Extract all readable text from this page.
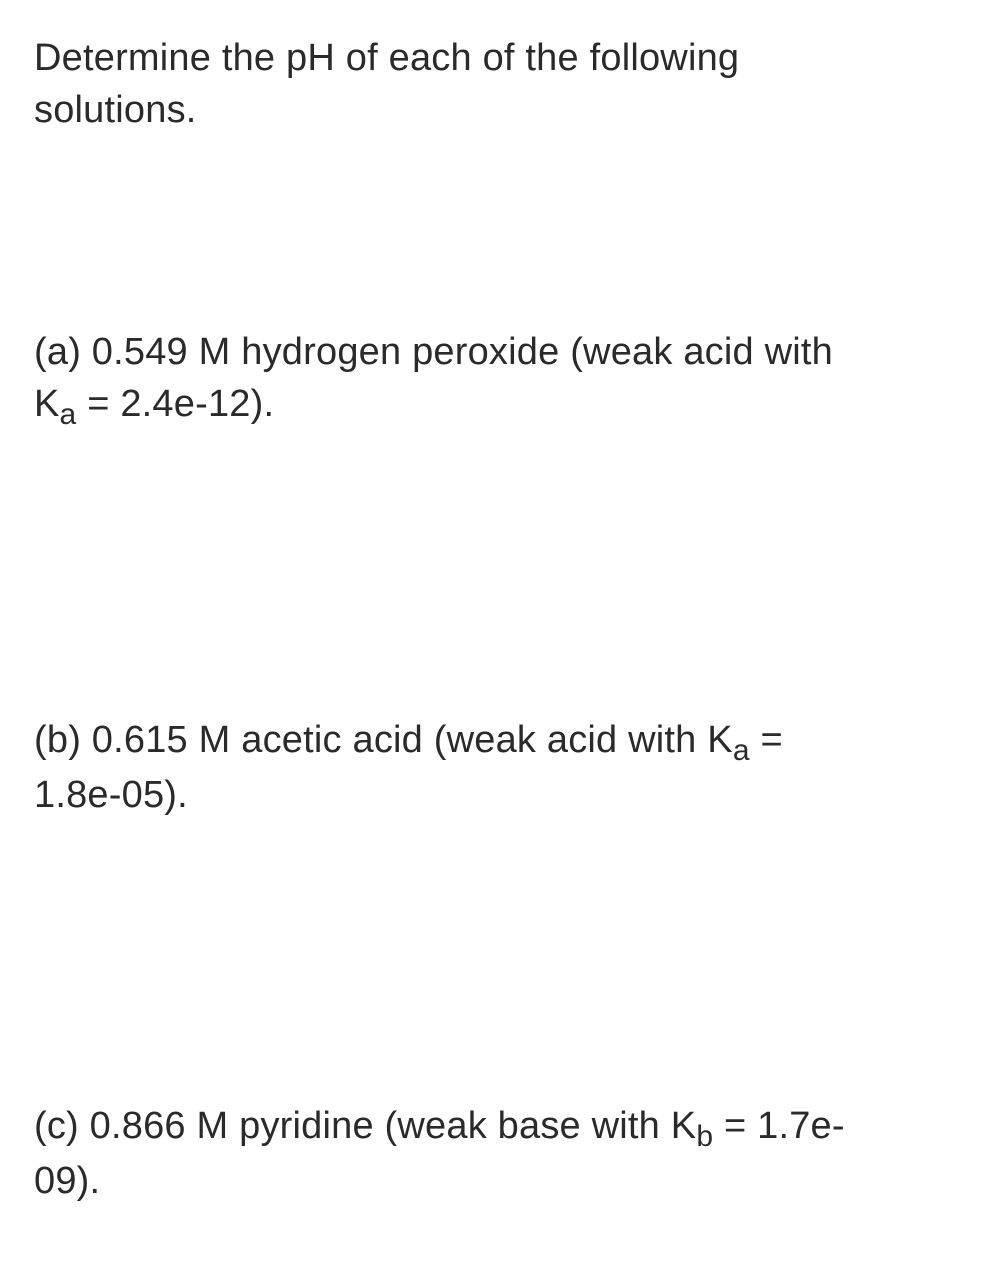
Determine the pH of each of the following
solutions.
(a) 0.549 M hydrogen peroxide (weak acid with
$K_a = 2.4e-12$).
(b) 0.615 M acetic acid (weak acid with $K_a$ =
1.8e-05).
(c) 0.866 M pyridine (weak base with $K_b = 1.7e-$
09).
